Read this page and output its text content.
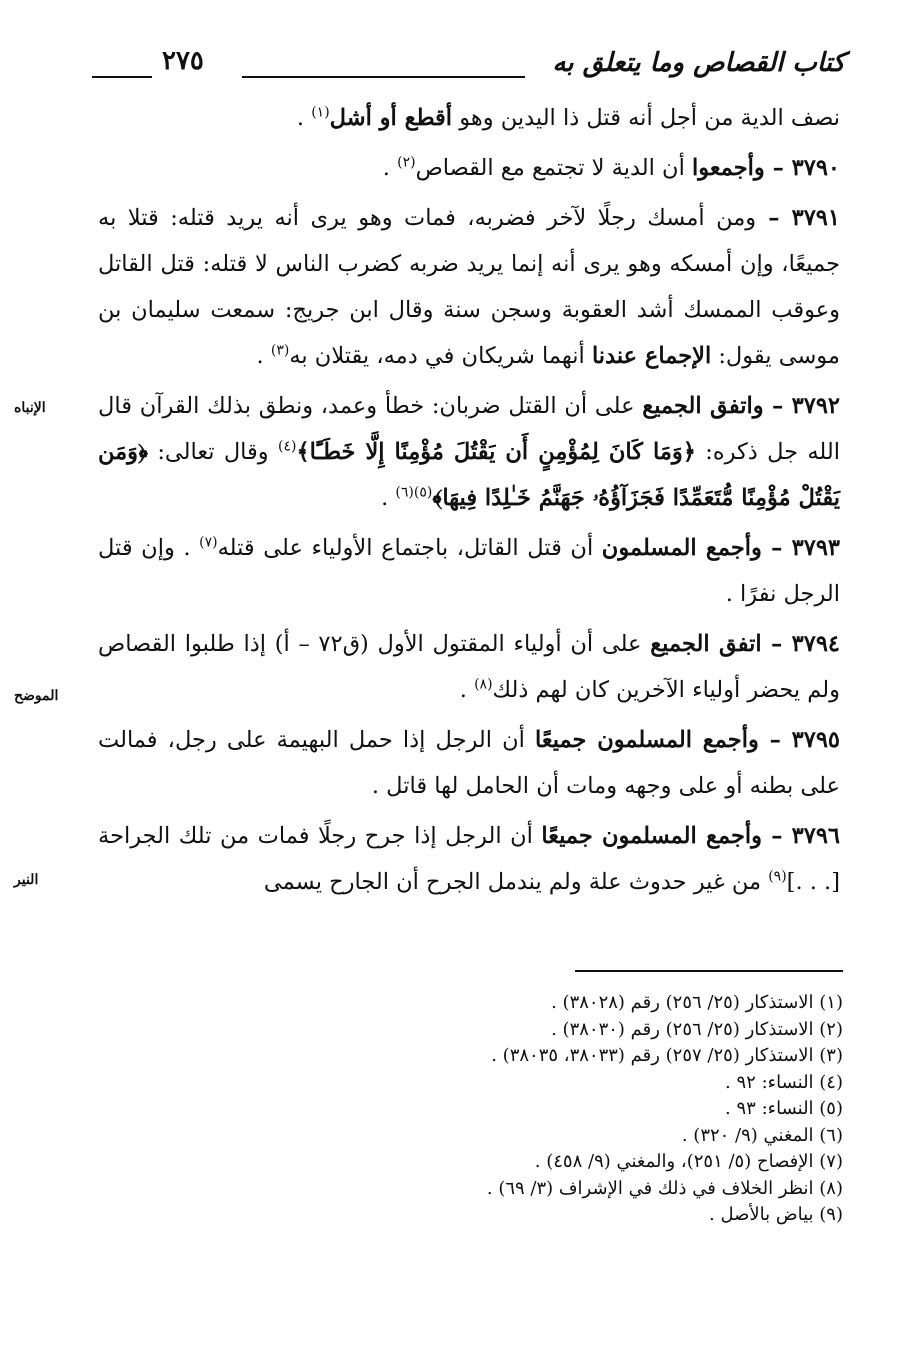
كتاب القصاص وما يتعلق به
٢٧٥

نصف الدية من أجل أنه قتل ذا اليدين وهو أقطع أو أشل$^{(١)}$ .

٣٧٩٠ – وأجمعوا أن الدية لا تجتمع مع القصاص$^{(٢)}$ .

٣٧٩١ – ومن أمسك رجلًا لآخر فضربه، فمات وهو يرى أنه يريد قتله: قتلا به جميعًا، وإن أمسكه وهو يرى أنه إنما يريد ضربه كضرب الناس لا قتله: قتل القاتل وعوقب الممسك أشد العقوبة وسجن سنة وقال ابن جريج: سمعت سليمان بن موسى يقول: الإجماع عندنا أنهما شريكان في دمه، يقتلان به$^{(٣)}$ .

٣٧٩٢ – واتفق الجميع على أن القتل ضربان: خطأ وعمد، ونطق بذلك القرآن قال الله جل ذكره: ﴿وَمَا كَانَ لِمُؤْمِنٍ أَن يَقْتُلَ مُؤْمِنًا إِلَّا خَطَـًٔا﴾$^{(٤)}$ وقال تعالى: ﴿وَمَن يَقْتُلْ مُؤْمِنًا مُّتَعَمِّدًا فَجَزَآؤُهُۥ جَهَنَّمُ خَـٰلِدًا فِيهَا﴾$^{(٥)(٦)}$ .

٣٧٩٣ – وأجمع المسلمون أن قتل القاتل، باجتماع الأولياء على قتله$^{(٧)}$ . وإن قتل الرجل نفرًا .

٣٧٩٤ – اتفق الجميع على أن أولياء المقتول الأول (ق٧٢ – أ) إذا طلبوا القصاص ولم يحضر أولياء الآخرين كان لهم ذلك$^{(٨)}$ .

٣٧٩٥ – وأجمع المسلمون جميعًا أن الرجل إذا حمل البهيمة على رجل، فمالت على بطنه أو على وجهه ومات أن الحامل لها قاتل .

٣٧٩٦ – وأجمع المسلمون جميعًا أن الرجل إذا جرح رجلًا فمات من تلك الجراحة [. . .]$^{(٩)}$ من غير حدوث علة ولم يندمل الجرح أن الجارح يسمى

الإنباه
الموضح
النير
(١) الاستذكار (٢٥/ ٢٥٦) رقم (٣٨٠٢٨) .
(٢) الاستذكار (٢٥/ ٢٥٦) رقم (٣٨٠٣٠) .
(٣) الاستذكار (٢٥/ ٢٥٧) رقم (٣٨٠٣٣، ٣٨٠٣٥) .
(٤) النساء: ٩٢ .
(٥) النساء: ٩٣ .
(٦) المغني (٩/ ٣٢٠) .
(٧) الإفصاح (٥/ ٢٥١)، والمغني (٩/ ٤٥٨) .
(٨) انظر الخلاف في ذلك في الإشراف (٣/ ٦٩) .
(٩) بياض بالأصل .
